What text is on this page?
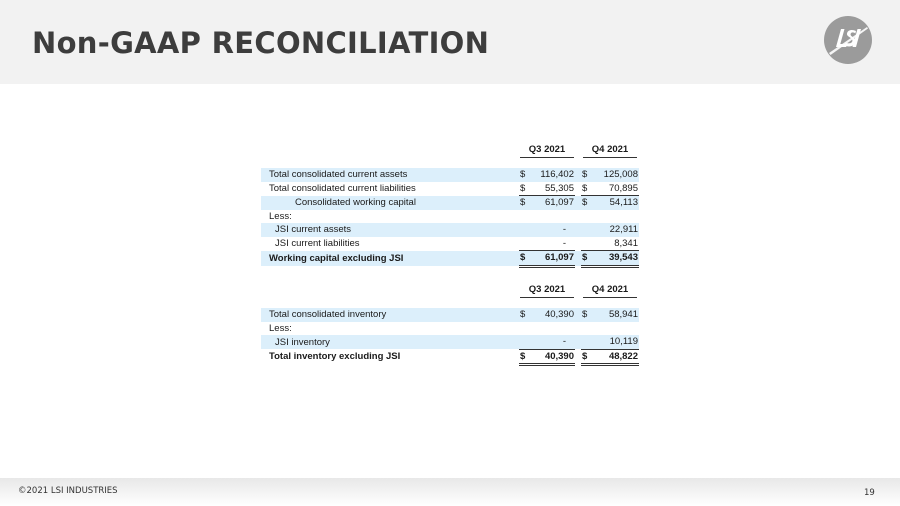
Non-GAAP RECONCILIATION
	Q3 2021		Q4 2021

Total consolidated current assets	$ 116,402		$ 125,008

Total consolidated current liabilities	$ 55,305		$ 70,895

Consolidated working capital	$ 61,097		$ 54,113

Less:			
JSI current assets	-		22,911
JSI current liabilities	-		8,341
Working capital excluding JSI	$ 61,097		$ 39,543
	Q3 2021		Q4 2021

Total consolidated inventory	$ 40,390		$ 58,941

Less:			
JSI inventory	-		10,119
Total inventory excluding JSI	$ 40,390		$ 48,822
©2021 LSI INDUSTRIES	19
